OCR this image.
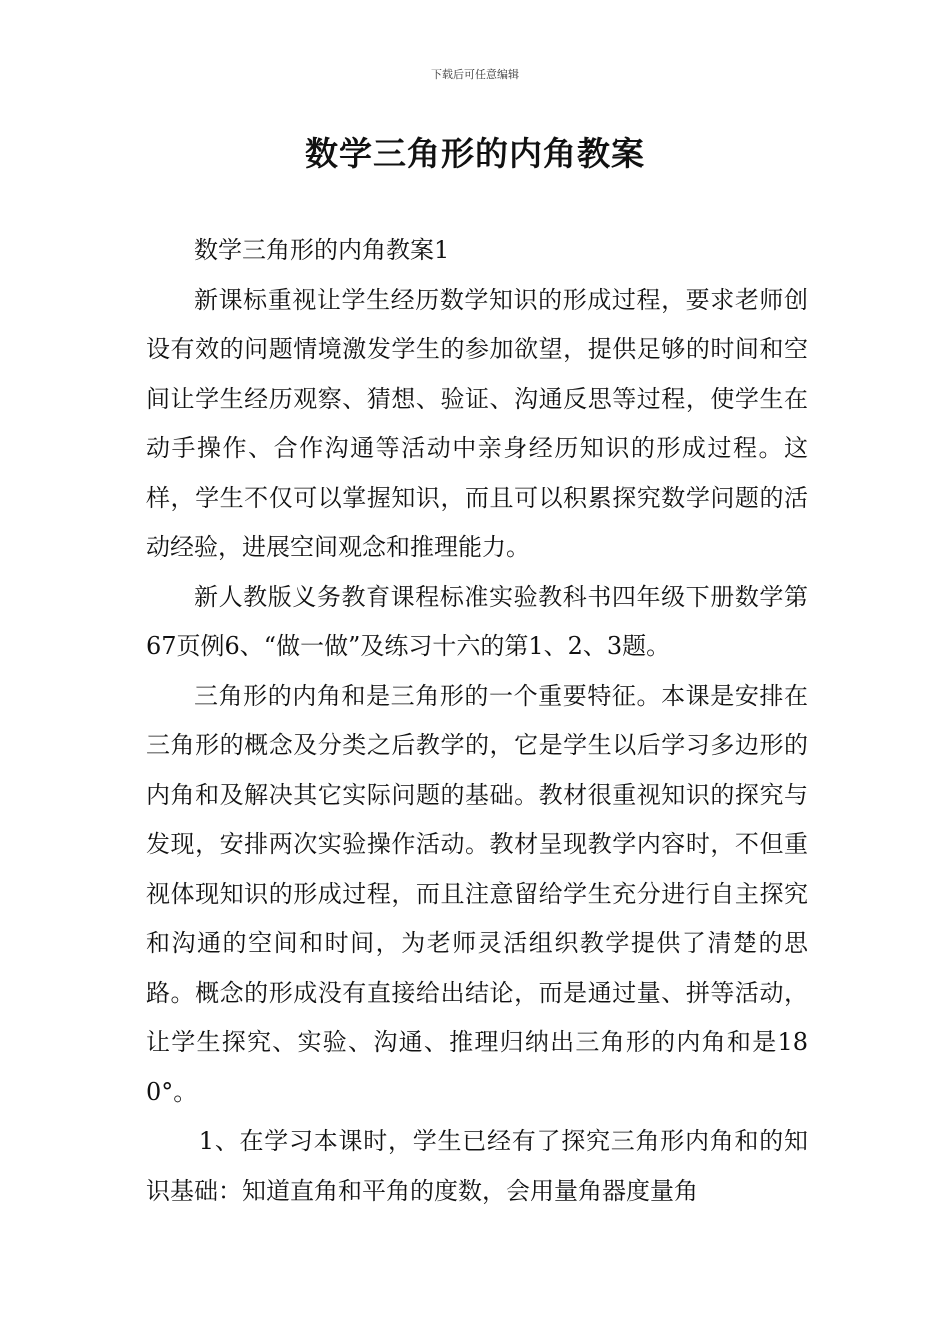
下载后可任意编辑
数学三角形的内角教案

数学三角形的内角教案1

新课标重视让学生经历数学知识的形成过程，要求老师创设有效的问题情境激发学生的参加欲望，提供足够的时间和空间让学生经历观察、猜想、验证、沟通反思等过程，使学生在动手操作、合作沟通等活动中亲身经历知识的形成过程。这样，学生不仅可以掌握知识，而且可以积累探究数学问题的活动经验，进展空间观念和推理能力。

新人教版义务教育课程标准实验教科书四年级下册数学第67页例6、“做一做”及练习十六的第1、2、3题。

三角形的内角和是三角形的一个重要特征。本课是安排在三角形的概念及分类之后教学的，它是学生以后学习多边形的内角和及解决其它实际问题的基础。教材很重视知识的探究与发现，安排两次实验操作活动。教材呈现教学内容时，不但重视体现知识的形成过程，而且注意留给学生充分进行自主探究和沟通的空间和时间，为老师灵活组织教学提供了清楚的思路。概念的形成没有直接给出结论，而是通过量、拼等活动，让学生探究、实验、沟通、推理归纳出三角形的内角和是180°。

1、在学习本课时，学生已经有了探究三角形内角和的知识基础：知道直角和平角的度数，会用量角器度量角
